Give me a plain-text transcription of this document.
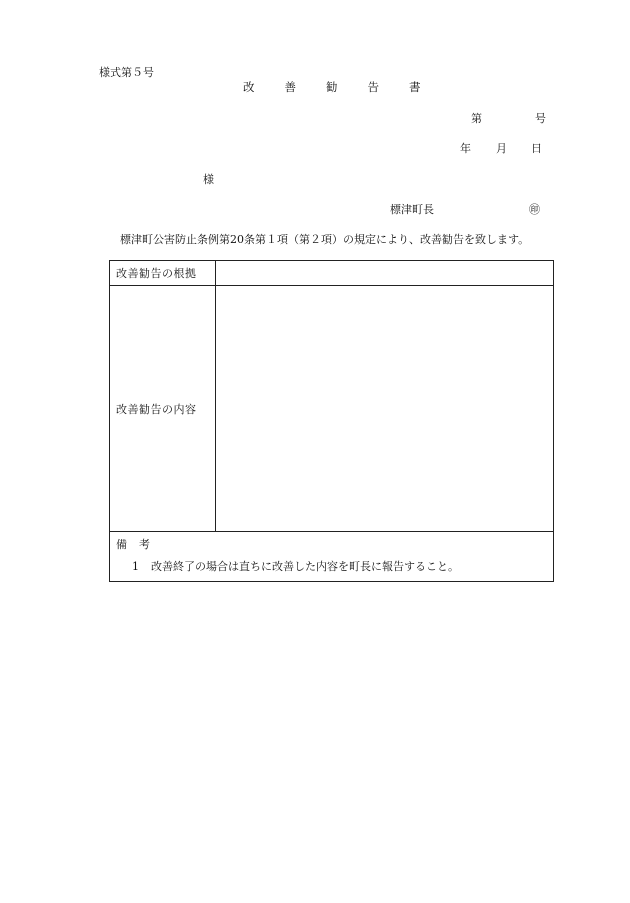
様式第５号
改	善	勧	告	書
第	号
年 月 日
様
標津町長	㊞
標津町公害防止条例第20条第１項（第２項）の規定により、改善勧告を致します。
改善勧告の根拠	
改善勧告の内容	

備 考
1 改善終了の場合は直ちに改善した内容を町長に報告すること。	
